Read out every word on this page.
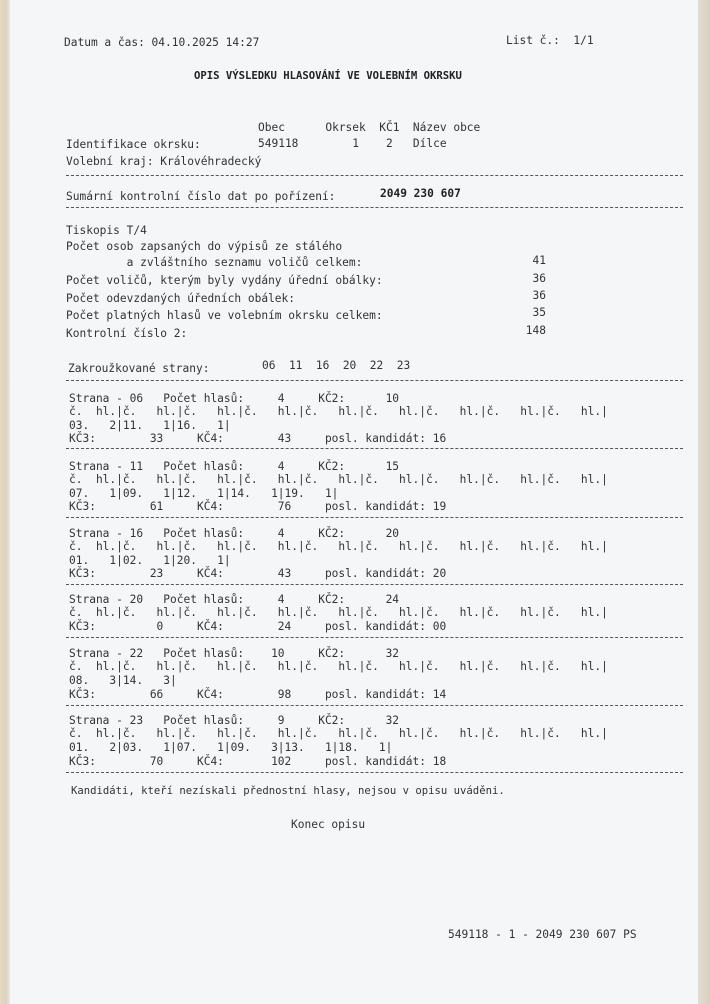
Datum a čas: 04.10.2025 14:27	List č.:  1/1
OPIS VÝSLEDKU HLASOVÁNÍ VE VOLEBNÍM OKRSKU
Obec      Okrsek  KČ1  Název obce
Identifikace okrsku:	549118        1    2   Dílce
Volební kraj: Královéhradecký
Sumární kontrolní číslo dat po pořízení:	2049 230 607
Tiskopis T/4
Počet osob zapsaných do výpisů ze stálého
a zvláštního seznamu voličů celkem:	41
Počet voličů, kterým byly vydány úřední obálky:	36
Počet odevzdaných úředních obálek:	36
Počet platných hlasů ve volebním okrsku celkem:	35
Kontrolní číslo 2:	148
Zakroužkované strany:	06  11  16  20  22  23
Strana - 06   Počet hlasů:     4     KČ2:      10
č.  hl.|č.   hl.|č.   hl.|č.   hl.|č.   hl.|č.   hl.|č.   hl.|č.   hl.|č.   hl.|
03.   2|11.   1|16.   1|
KČ3:        33     KČ4:        43     posl. kandidát: 16
Strana - 11   Počet hlasů:     4     KČ2:      15
č.  hl.|č.   hl.|č.   hl.|č.   hl.|č.   hl.|č.   hl.|č.   hl.|č.   hl.|č.   hl.|
07.   1|09.   1|12.   1|14.   1|19.   1|
KČ3:        61     KČ4:        76     posl. kandidát: 19
Strana - 16   Počet hlasů:     4     KČ2:      20
č.  hl.|č.   hl.|č.   hl.|č.   hl.|č.   hl.|č.   hl.|č.   hl.|č.   hl.|č.   hl.|
01.   1|02.   1|20.   1|
KČ3:        23     KČ4:        43     posl. kandidát: 20
Strana - 20   Počet hlasů:     4     KČ2:      24
č.  hl.|č.   hl.|č.   hl.|č.   hl.|č.   hl.|č.   hl.|č.   hl.|č.   hl.|č.   hl.|
KČ3:         0     KČ4:        24     posl. kandidát: 00
Strana - 22   Počet hlasů:    10     KČ2:      32
č.  hl.|č.   hl.|č.   hl.|č.   hl.|č.   hl.|č.   hl.|č.   hl.|č.   hl.|č.   hl.|
08.   3|14.   3|
KČ3:        66     KČ4:        98     posl. kandidát: 14
Strana - 23   Počet hlasů:     9     KČ2:      32
č.  hl.|č.   hl.|č.   hl.|č.   hl.|č.   hl.|č.   hl.|č.   hl.|č.   hl.|č.   hl.|
01.   2|03.   1|07.   1|09.   3|13.   1|18.   1|
KČ3:        70     KČ4:       102     posl. kandidát: 18
Kandidáti, kteří nezískali přednostní hlasy, nejsou v opisu uváděni.
Konec opisu
549118 - 1 - 2049 230 607 PS
